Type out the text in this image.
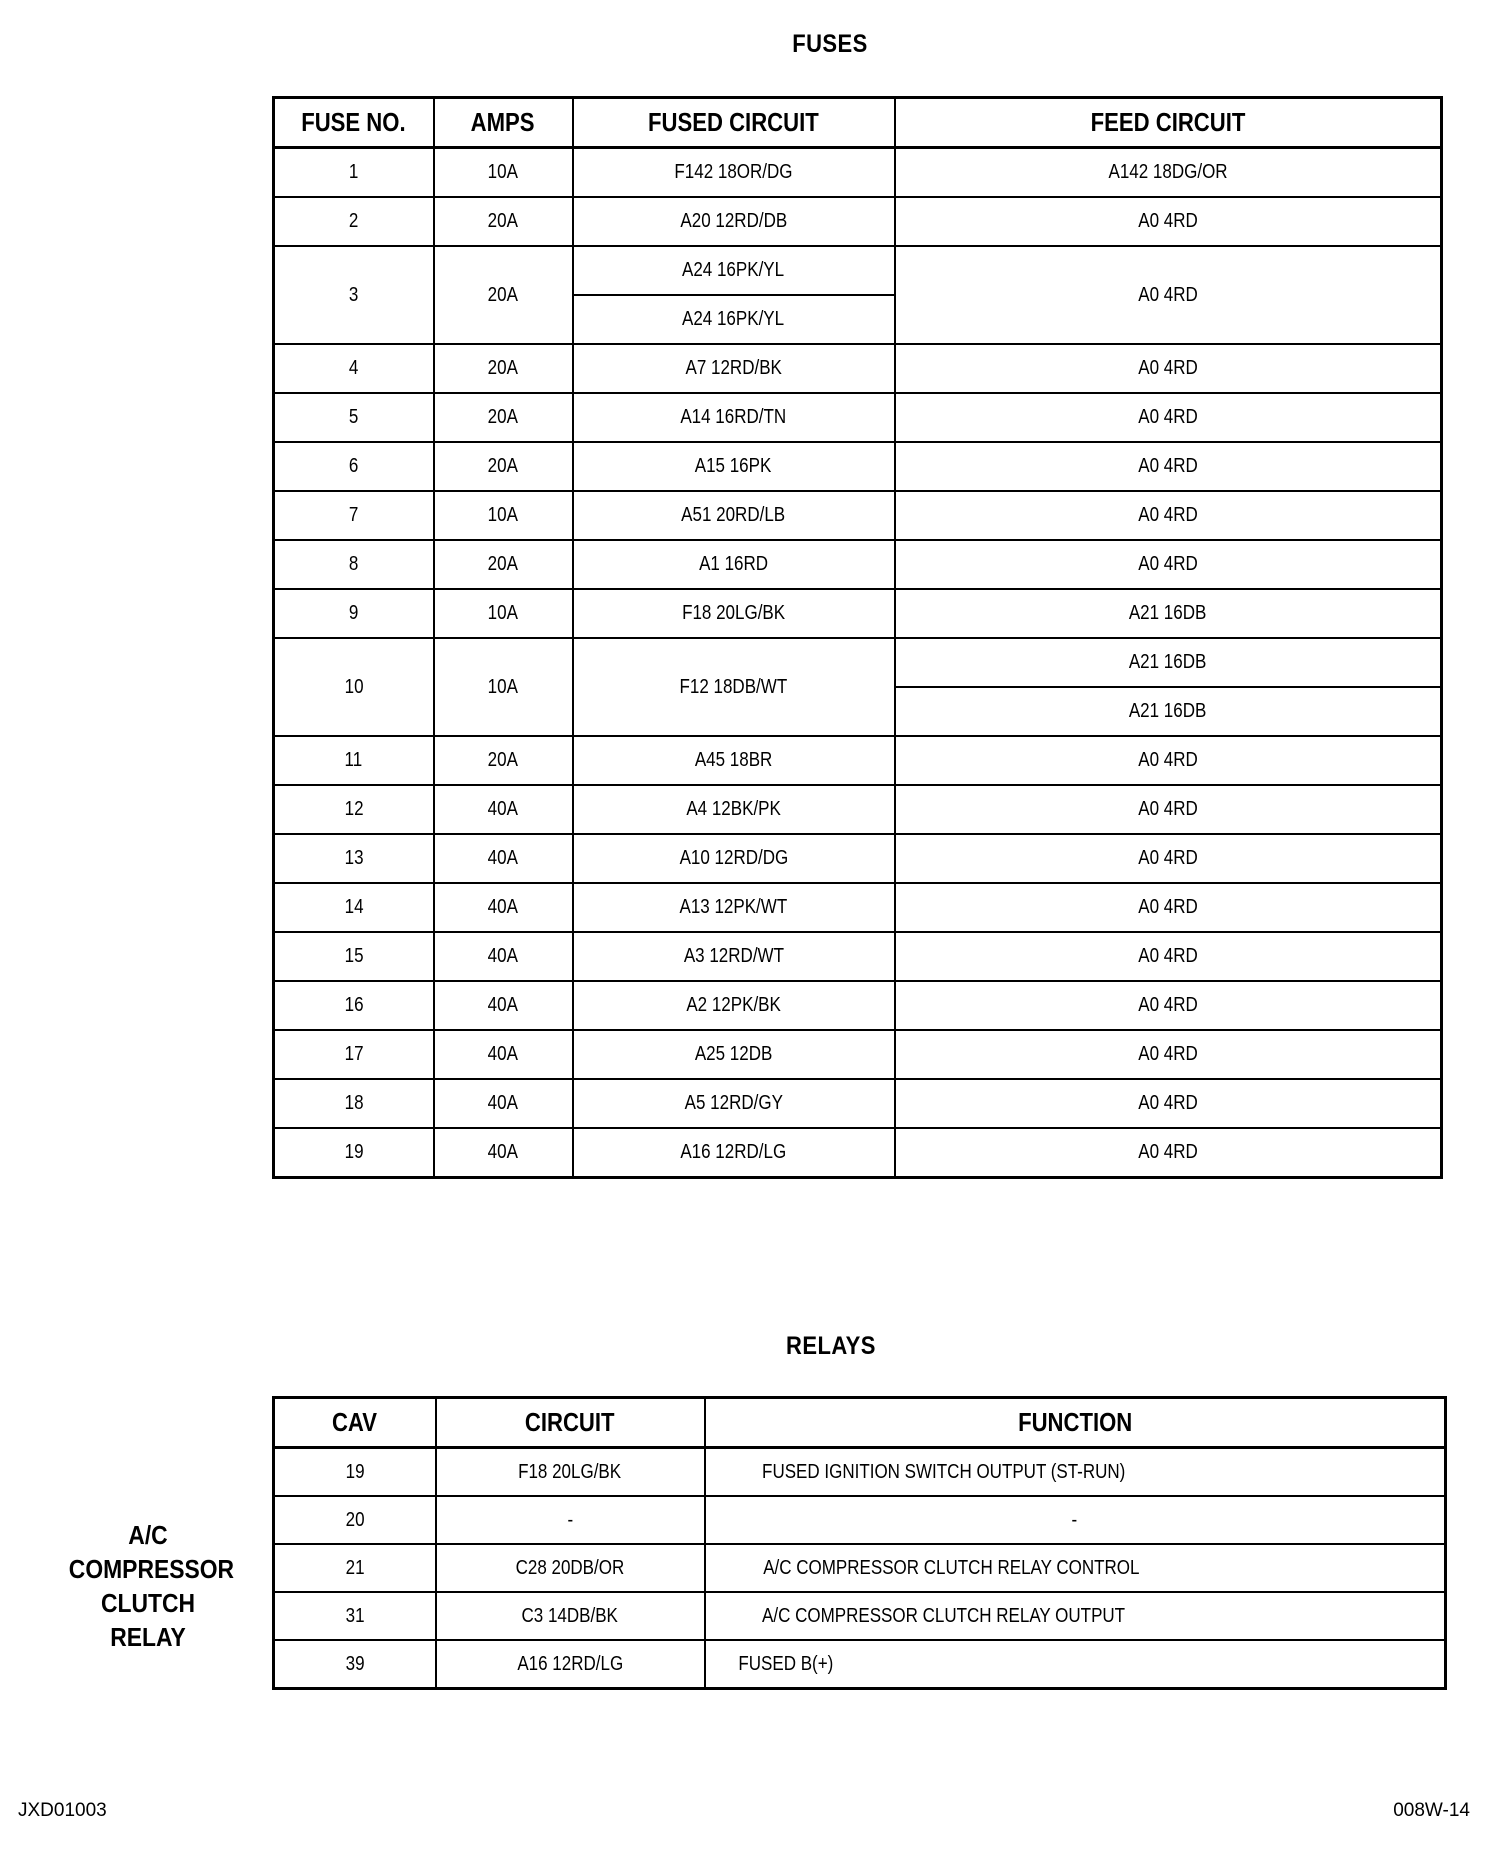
FUSES
FUSE NO.	AMPS	FUSED CIRCUIT	FEED CIRCUIT
1	10A	F142 18OR/DG	A142 18DG/OR
2	20A	A20 12RD/DB	A0 4RD
3	20A	A24 16PK/YL	A0 4RD
		A24 16PK/YL	
4	20A	A7 12RD/BK	A0 4RD
5	20A	A14 16RD/TN	A0 4RD
6	20A	A15 16PK	A0 4RD
7	10A	A51 20RD/LB	A0 4RD
8	20A	A1 16RD	A0 4RD
9	10A	F18 20LG/BK	A21 16DB
10	10A	F12 18DB/WT	A21 16DB
			A21 16DB
11	20A	A45 18BR	A0 4RD
12	40A	A4 12BK/PK	A0 4RD
13	40A	A10 12RD/DG	A0 4RD
14	40A	A13 12PK/WT	A0 4RD
15	40A	A3 12RD/WT	A0 4RD
16	40A	A2 12PK/BK	A0 4RD
17	40A	A25 12DB	A0 4RD
18	40A	A5 12RD/GY	A0 4RD
19	40A	A16 12RD/LG	A0 4RD
RELAYS
A/C
COMPRESSOR
CLUTCH
RELAY
CAV	CIRCUIT	FUNCTION
19	F18 20LG/BK	FUSED IGNITION SWITCH OUTPUT (ST-RUN)
20	-	-
21	C28 20DB/OR	A/C COMPRESSOR CLUTCH RELAY CONTROL
31	C3 14DB/BK	A/C COMPRESSOR CLUTCH RELAY OUTPUT
39	A16 12RD/LG	FUSED B(+)
JXD01003	008W-14
